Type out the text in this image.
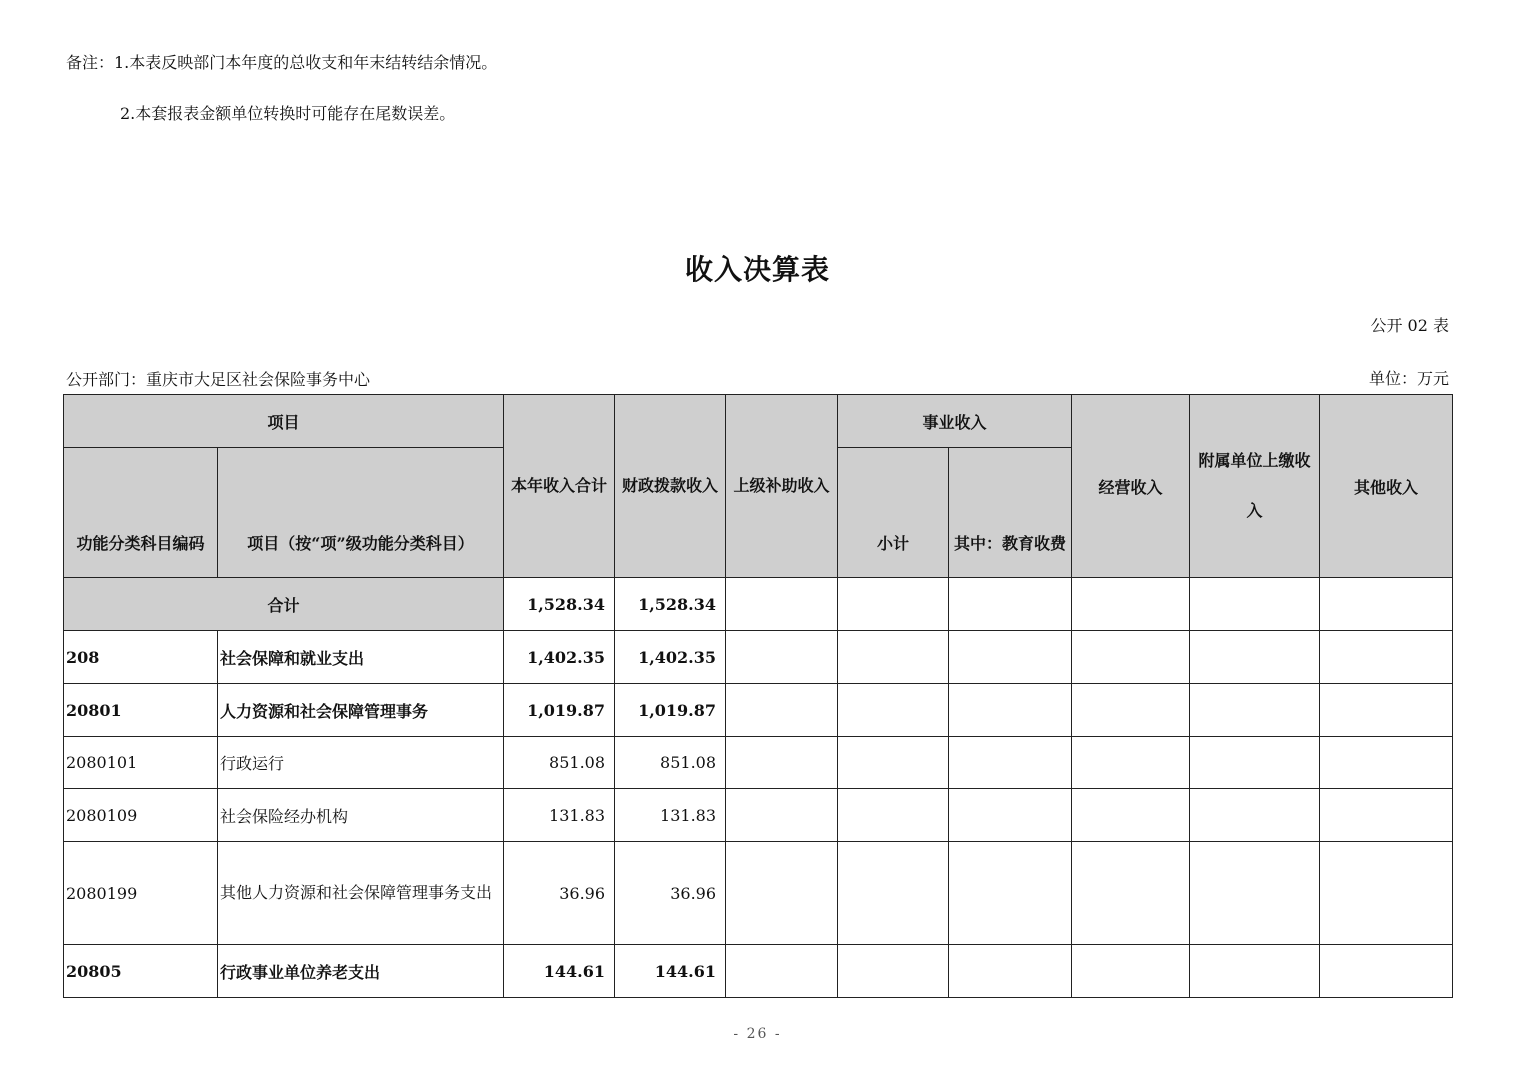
备注：1.本表反映部门本年度的总收支和年末结转结余情况。
2.本套报表金额单位转换时可能存在尾数误差。
收入决算表
公开 02 表
公开部门：重庆市大足区社会保险事务中心	单位：万元
项目		本年收入合计	财政拨款收入	上级补助收入	事业收入		经营收入	附属单位上缴收入	其他收入
功能分类科目编码	项目（按“项”级功能分类科目）				小计	其中：教育收费			
合计		1,528.34	1,528.34						
208	社会保障和就业支出	1,402.35	1,402.35						
20801	人力资源和社会保障管理事务	1,019.87	1,019.87						
2080101	行政运行	851.08	851.08						
2080109	社会保险经办机构	131.83	131.83						
2080199	其他人力资源和社会保障管理事务支出	36.96	36.96						
20805	行政事业单位养老支出	144.61	144.61						
- 26 -
